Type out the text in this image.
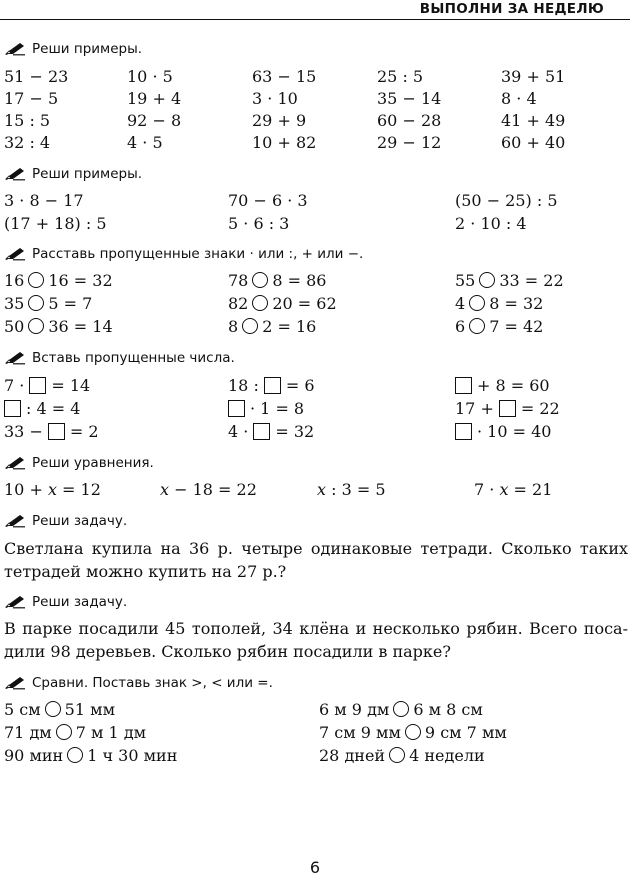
ВЫПОЛНИ ЗА НЕДЕЛЮ
Реши примеры.
51 − 23	10 · 5	63 − 15	25 : 5	39 + 51
17 − 5	19 + 4	3 · 10	35 − 14	8 · 4
15 : 5	92 − 8	29 + 9	60 − 28	41 + 49
32 : 4	4 · 5	10 + 82	29 − 12	60 + 40
Реши примеры.
3 · 8 − 17	70 − 6 · 3	(50 − 25) : 5
(17 + 18) : 5	5 · 6 : 3	2 · 10 : 4
Расставь пропущенные знаки · или :, + или −.
16 16 = 32	78 8 = 86	55 33 = 22
35 5 = 7	82 20 = 62	4 8 = 32
50 36 = 14	8 2 = 16	6 7 = 42
Вставь пропущенные числа.
7 · = 14	18 : = 6	+ 8 = 60
: 4 = 4	· 1 = 8	17 + = 22
33 − = 2	4 · = 32	· 10 = 40
Реши уравнения.
10 + x = 12	x − 18 = 22	x : 3 = 5	7 · x = 21
Реши задачу.
Светлана купила на 36 р. четыре одинаковые тетради. Сколько таких
тетрадей можно купить на 27 р.?
Реши задачу.
В парке посадили 45 тополей, 34 клёна и несколько рябин. Всего поса-
дили 98 деревьев. Сколько рябин посадили в парке?
Сравни. Поставь знак >, < или =.
5 см 51 мм	6 м 9 дм 6 м 8 см
71 дм 7 м 1 дм	7 см 9 мм 9 см 7 мм
90 мин 1 ч 30 мин	28 дней 4 недели
6
